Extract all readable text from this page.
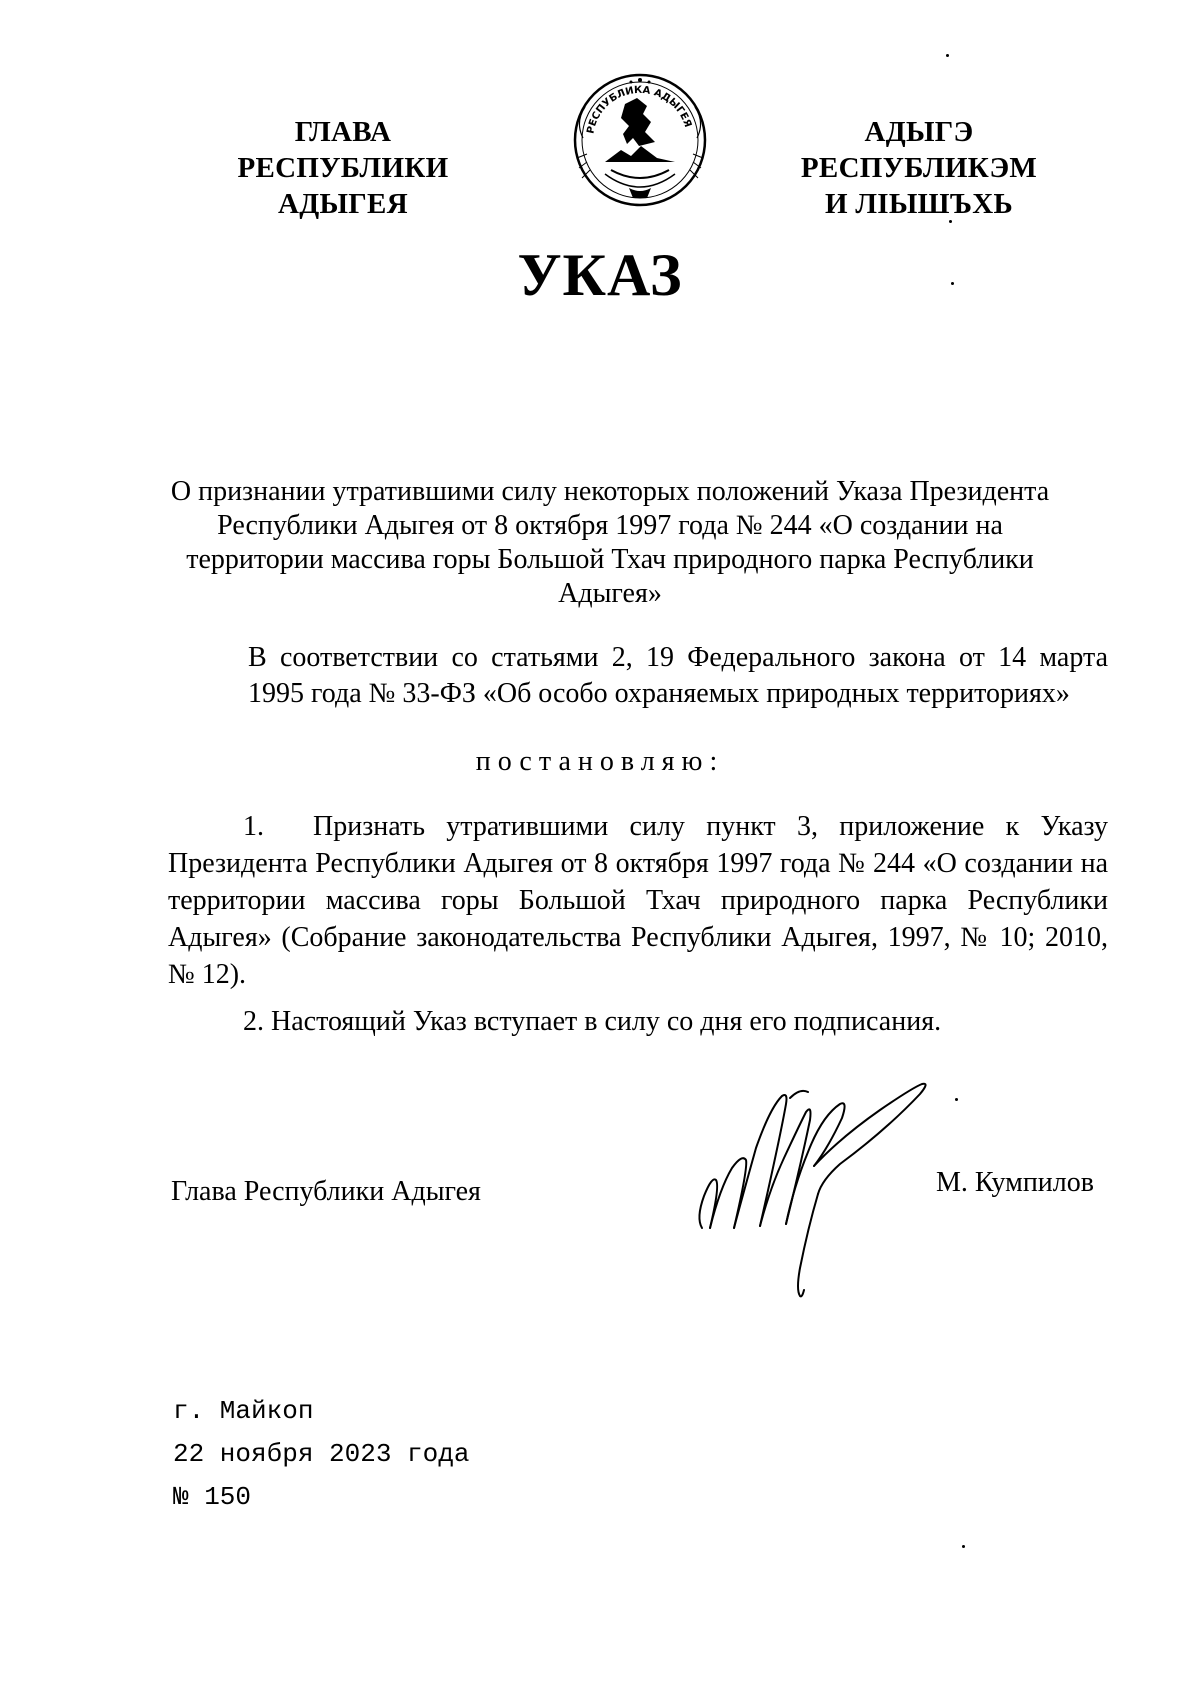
ГЛАВА
РЕСПУБЛИКИ АДЫГЕЯ
РЕСПУБЛИКА АДЫГЕЯ	АДЫГЭ РЕСПУБЛИКЭМ
И ЛІЫШЪХЬ
УКАЗ
О признании утратившими силу некоторых положений Указа Президента Республики Адыгея от 8 октября 1997 года № 244 «О создании на территории массива горы Большой Тхач природного парка Республики Адыгея»
В соответствии со статьями 2, 19 Федерального закона от 14 марта 1995 года № 33-ФЗ «Об особо охраняемых природных территориях»
постановляю:
1. Признать утратившими силу пункт 3, приложение к Указу Президента Республики Адыгея от 8 октября 1997 года № 244 «О создании на территории массива горы Большой Тхач природного парка Республики Адыгея» (Собрание законодательства Республики Адыгея, 1997, № 10; 2010, № 12).
2. Настоящий Указ вступает в силу со дня его подписания.
Глава Республики Адыгея	М. Кумпилов
г. Майкоп
22 ноября 2023 года
№ 150
